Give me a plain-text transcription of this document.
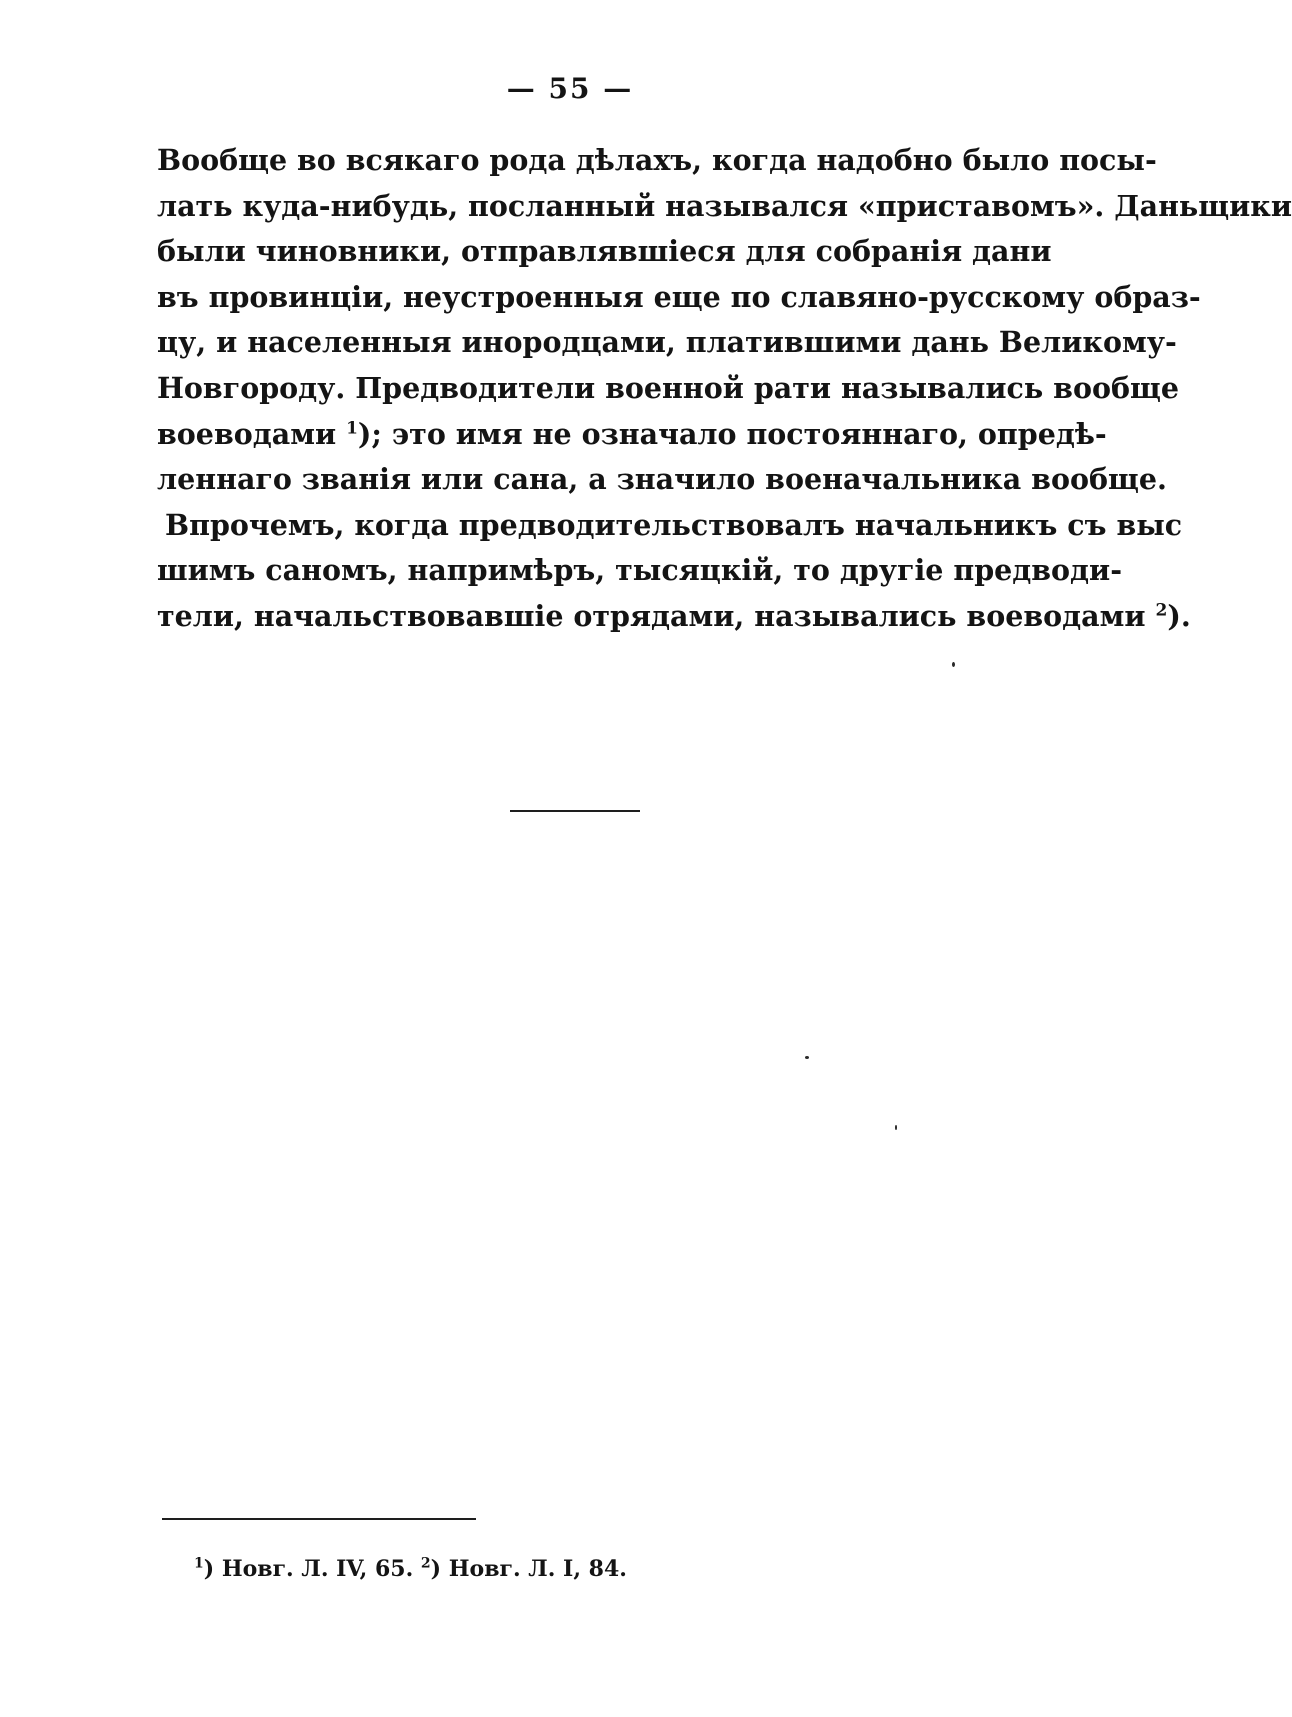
— 55 —
Вообще во всякаго рода дѣлахъ, когда надобно было посы-
лать куда-нибудь, посланный назывался «приставомъ». Даньщики
были чиновники, отправлявшіеся для собранія дани
въ провинціи, неустроенныя еще по славяно-русскому образ-
цу, и населенныя инородцами, платившими дань Великому-
Новгороду. Предводители военной рати назывались вообще
воеводами $^1$); это имя не означало постояннаго, опредѣ-
леннаго званія или сана, а значило военачальника вообще.
Впрочемъ, когда предводительствовалъ начальникъ съ выс
шимъ саномъ, напримѣръ, тысяцкій, то другіе предводи-
тели, начальствовавшіе отрядами, назывались воеводами $^2$).
$^1$) Новг. Л. IV, 65. $^2$) Новг. Л. I, 84.
